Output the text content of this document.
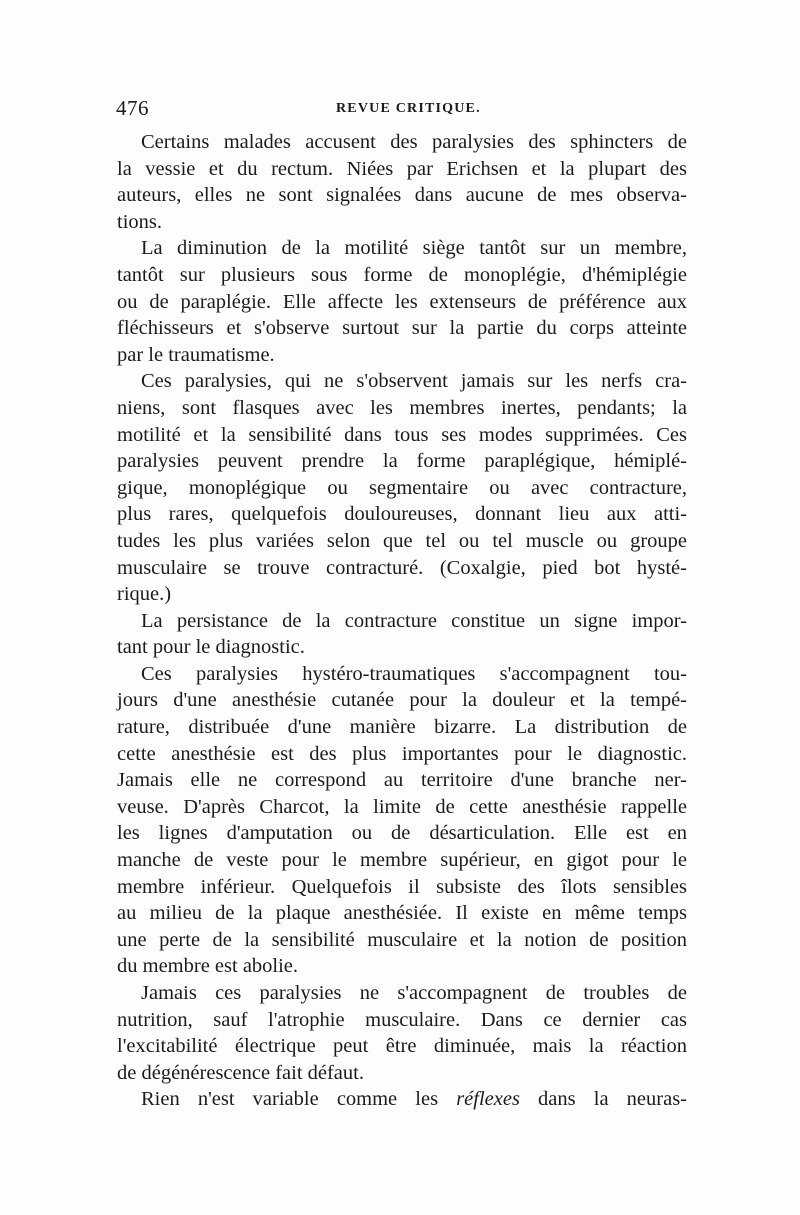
476	REVUE CRITIQUE.
Certains malades accusent des paralysies des sphincters de
la vessie et du rectum. Niées par Erichsen et la plupart des
auteurs, elles ne sont signalées dans aucune de mes observa-
tions.
La diminution de la motilité siège tantôt sur un membre,
tantôt sur plusieurs sous forme de monoplégie, d'hémiplégie
ou de paraplégie. Elle affecte les extenseurs de préférence aux
fléchisseurs et s'observe surtout sur la partie du corps atteinte
par le traumatisme.
Ces paralysies, qui ne s'observent jamais sur les nerfs cra-
niens, sont flasques avec les membres inertes, pendants; la
motilité et la sensibilité dans tous ses modes supprimées. Ces
paralysies peuvent prendre la forme paraplégique, hémiplé-
gique, monoplégique ou segmentaire ou avec contracture,
plus rares, quelquefois douloureuses, donnant lieu aux atti-
tudes les plus variées selon que tel ou tel muscle ou groupe
musculaire se trouve contracturé. (Coxalgie, pied bot hysté-
rique.)
La persistance de la contracture constitue un signe impor-
tant pour le diagnostic.
Ces paralysies hystéro-traumatiques s'accompagnent tou-
jours d'une anesthésie cutanée pour la douleur et la tempé-
rature, distribuée d'une manière bizarre. La distribution de
cette anesthésie est des plus importantes pour le diagnostic.
Jamais elle ne correspond au territoire d'une branche ner-
veuse. D'après Charcot, la limite de cette anesthésie rappelle
les lignes d'amputation ou de désarticulation. Elle est en
manche de veste pour le membre supérieur, en gigot pour le
membre inférieur. Quelquefois il subsiste des îlots sensibles
au milieu de la plaque anesthésiée. Il existe en même temps
une perte de la sensibilité musculaire et la notion de position
du membre est abolie.
Jamais ces paralysies ne s'accompagnent de troubles de
nutrition, sauf l'atrophie musculaire. Dans ce dernier cas
l'excitabilité électrique peut être diminuée, mais la réaction
de dégénérescence fait défaut.
Rien n'est variable comme les réflexes dans la neuras-
